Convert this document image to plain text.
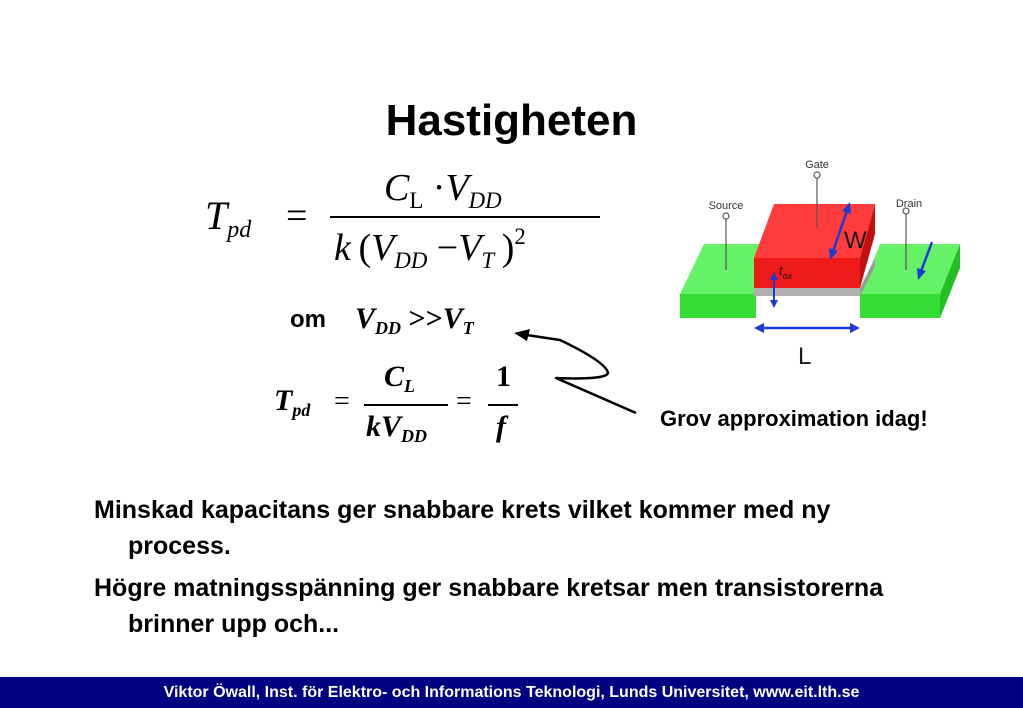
Hastigheten
$T_{pd}$ =
$C_L \cdot V_{DD}$
k ($V_{DD} -V_T$ )$^2$
om $V_{DD} >>V_T$
$T_{pd}$ =
$C_L$
$kV_{DD}$
=
1
f	Grov approximation idag!
Gate
Source	Drain
W
$t_{ox}$
L
Minskad kapacitans ger snabbare krets vilket kommer med ny process.
Högre matningsspänning ger snabbare kretsar men transistorerna brinner upp och...
Viktor Öwall, Inst. för Elektro- och Informations Teknologi, Lunds Universitet, www.eit.lth.se
